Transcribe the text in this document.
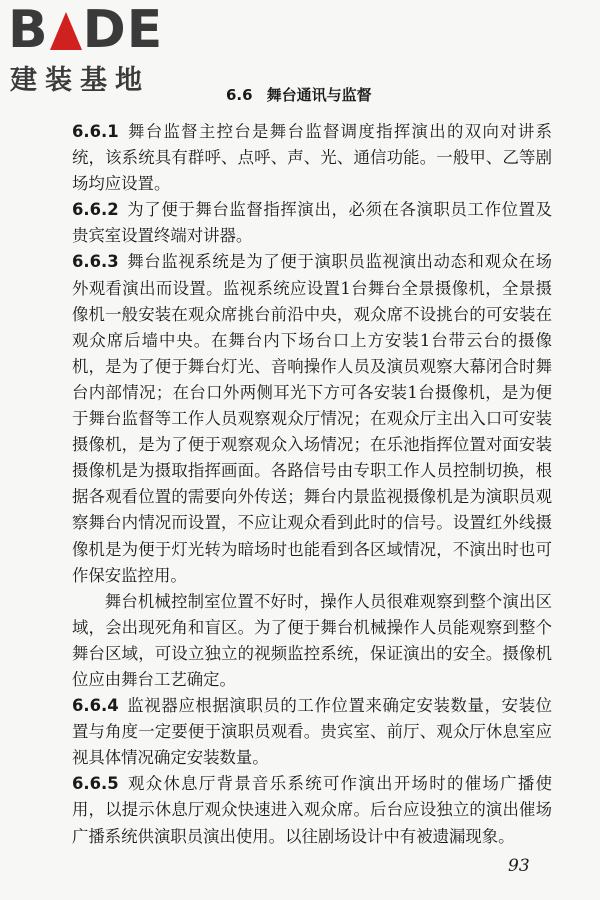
B DE
建装基地	6.6 舞台通讯与监督

6.6.1 舞台监督主控台是舞台监督调度指挥演出的双向对讲系统，该系统具有群呼、点呼、声、光、通信功能。一般甲、乙等剧场均应设置。

6.6.2 为了便于舞台监督指挥演出，必须在各演职员工作位置及贵宾室设置终端对讲器。

6.6.3 舞台监视系统是为了便于演职员监视演出动态和观众在场外观看演出而设置。监视系统应设置1台舞台全景摄像机，全景摄像机一般安装在观众席挑台前沿中央，观众席不设挑台的可安装在观众席后墙中央。在舞台内下场台口上方安装1台带云台的摄像机，是为了便于舞台灯光、音响操作人员及演员观察大幕闭合时舞台内部情况；在台口外两侧耳光下方可各安装1台摄像机，是为便于舞台监督等工作人员观察观众厅情况；在观众厅主出入口可安装摄像机，是为了便于观察观众入场情况；在乐池指挥位置对面安装摄像机是为摄取指挥画面。各路信号由专职工作人员控制切换，根据各观看位置的需要向外传送；舞台内景监视摄像机是为演职员观察舞台内情况而设置，不应让观众看到此时的信号。设置红外线摄像机是为便于灯光转为暗场时也能看到各区域情况，不演出时也可作保安监控用。

舞台机械控制室位置不好时，操作人员很难观察到整个演出区域，会出现死角和盲区。为了便于舞台机械操作人员能观察到整个舞台区域，可设立独立的视频监控系统，保证演出的安全。摄像机位应由舞台工艺确定。

6.6.4 监视器应根据演职员的工作位置来确定安装数量，安装位置与角度一定要便于演职员观看。贵宾室、前厅、观众厅休息室应视具体情况确定安装数量。

6.6.5 观众休息厅背景音乐系统可作演出开场时的催场广播使用，以提示休息厅观众快速进入观众席。后台应设独立的演出催场广播系统供演职员演出使用。以往剧场设计中有被遗漏现象。

93
